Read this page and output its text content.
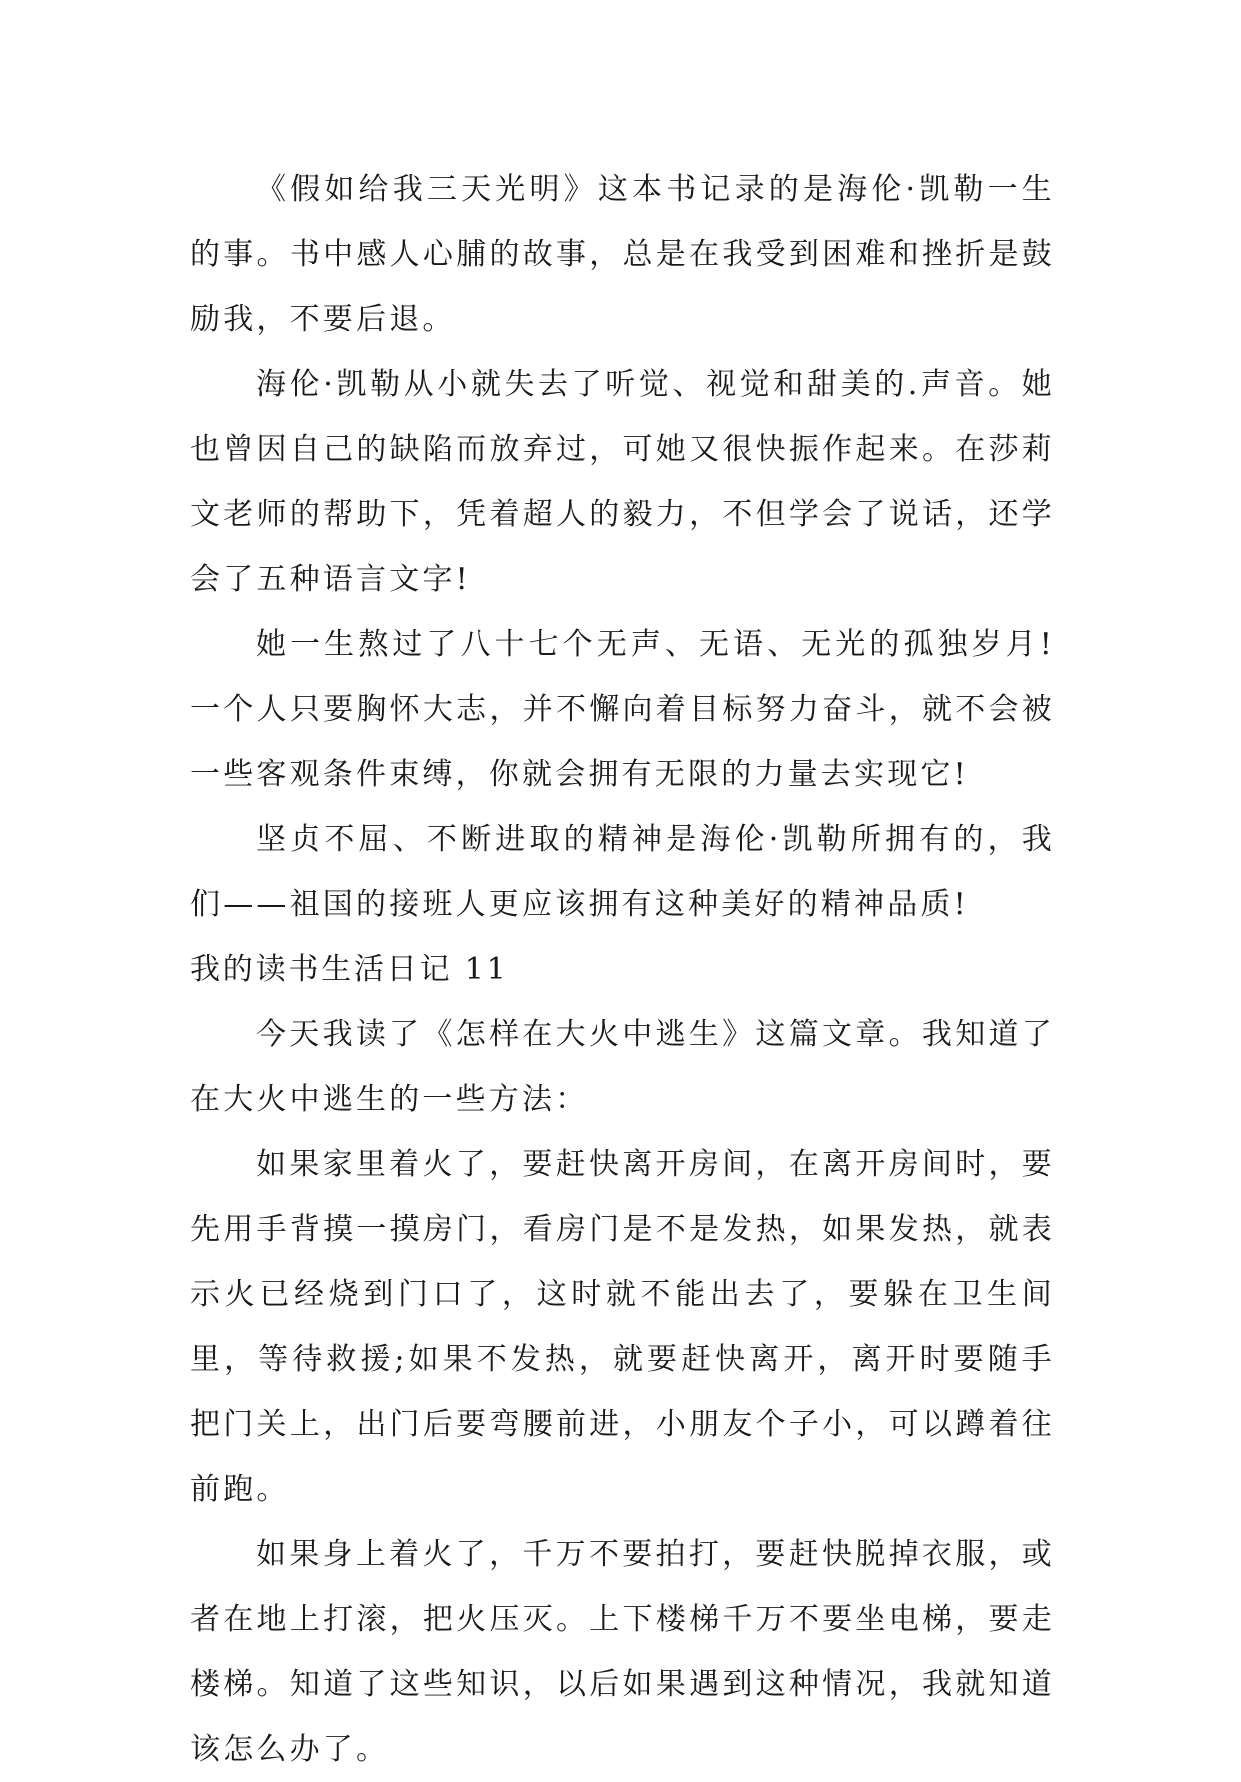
《假如给我三天光明》这本书记录的是海伦·凯勒一生的事。书中感人心脯的故事，总是在我受到困难和挫折是鼓励我，不要后退。

海伦·凯勒从小就失去了听觉、视觉和甜美的.声音。她也曾因自己的缺陷而放弃过，可她又很快振作起来。在莎莉文老师的帮助下，凭着超人的毅力，不但学会了说话，还学会了五种语言文字!

她一生熬过了八十七个无声、无语、无光的孤独岁月!一个人只要胸怀大志，并不懈向着目标努力奋斗，就不会被一些客观条件束缚，你就会拥有无限的力量去实现它!

坚贞不屈、不断进取的精神是海伦·凯勒所拥有的，我们——祖国的接班人更应该拥有这种美好的精神品质!

我的读书生活日记 11

今天我读了《怎样在大火中逃生》这篇文章。我知道了在大火中逃生的一些方法：

如果家里着火了，要赶快离开房间，在离开房间时，要先用手背摸一摸房门，看房门是不是发热，如果发热，就表示火已经烧到门口了，这时就不能出去了，要躲在卫生间里，等待救援;如果不发热，就要赶快离开，离开时要随手把门关上，出门后要弯腰前进，小朋友个子小，可以蹲着往前跑。

如果身上着火了，千万不要拍打，要赶快脱掉衣服，或者在地上打滚，把火压灭。上下楼梯千万不要坐电梯，要走楼梯。知道了这些知识，以后如果遇到这种情况，我就知道该怎么办了。
